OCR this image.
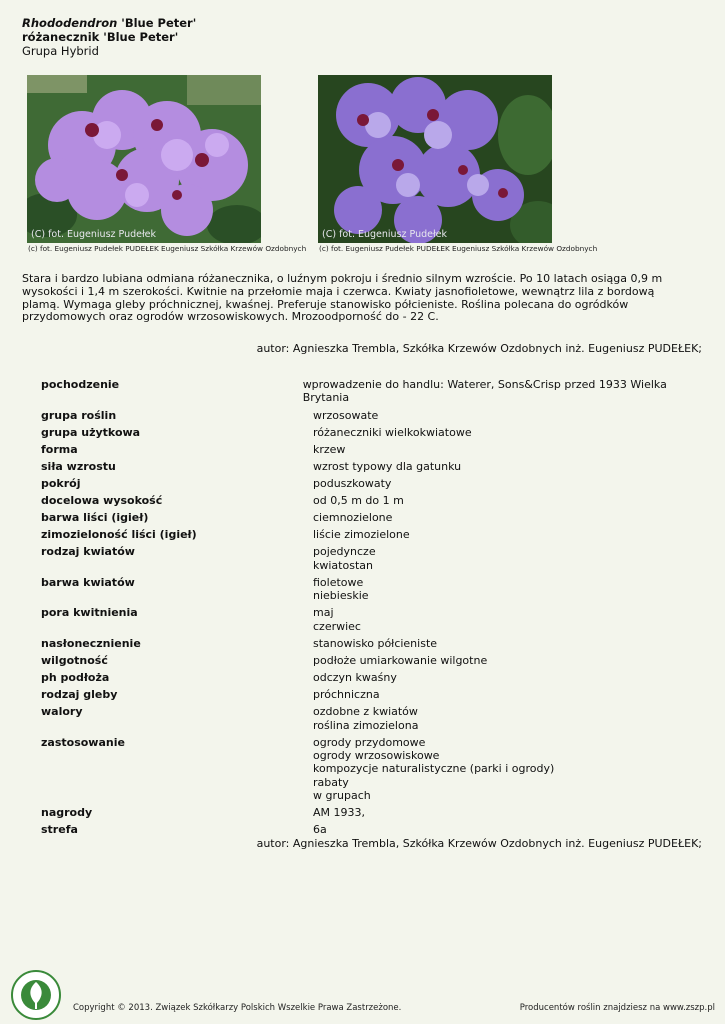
Rhododendron 'Blue Peter'
różanecznik 'Blue Peter'
Grupa Hybrid
(C) fot. Eugeniusz Pudełek	(C) fot. Eugeniusz Pudełek
(c) fot. Eugeniusz Pudełek PUDEŁEK Eugeniusz Szkółka Krzewów Ozdobnych (c) fot. Eugeniusz Pudełek PUDEŁEK Eugeniusz Szkółka Krzewów Ozdobnych
Stara i bardzo lubiana odmiana różanecznika, o luźnym pokroju i średnio silnym wzroście. Po 10 latach osiąga 0,9 m wysokości i 1,4 m szerokości. Kwitnie na przełomie maja i czerwca. Kwiaty jasnofioletowe, wewnątrz lila z bordową plamą. Wymaga gleby próchnicznej, kwaśnej. Preferuje stanowisko półcieniste. Roślina polecana do ogródków przydomowych oraz ogrodów wrzosowiskowych. Mrozoodporność do - 22 C.
autor: Agnieszka Trembla, Szkółka Krzewów Ozdobnych inż. Eugeniusz PUDEŁEK;
pochodzenie	wprowadzenie do handlu: Waterer, Sons&Crisp przed 1933 Wielka Brytania
grupa roślin	wrzosowate
grupa użytkowa	różaneczniki wielkokwiatowe
forma	krzew
siła wzrostu	wzrost typowy dla gatunku
pokrój	poduszkowaty
docelowa wysokość	od 0,5 m do 1 m
barwa liści (igieł)	ciemnozielone
zimozieloność liści (igieł)	liście zimozielone
rodzaj kwiatów	pojedyncze
kwiatostan
barwa kwiatów	fioletowe
niebieskie
pora kwitnienia	maj
czerwiec
nasłonecznienie	stanowisko półcieniste
wilgotność	podłoże umiarkowanie wilgotne
ph podłoża	odczyn kwaśny
rodzaj gleby	próchniczna
walory	ozdobne z kwiatów
roślina zimozielona
zastosowanie	ogrody przydomowe
ogrody wrzosowiskowe
kompozycje naturalistyczne (parki i ogrody)
rabaty
w grupach
nagrody	AM 1933,
strefa	6a
autor: Agnieszka Trembla, Szkółka Krzewów Ozdobnych inż. Eugeniusz PUDEŁEK;
Copyright © 2013. Związek Szkółkarzy Polskich Wszelkie Prawa Zastrzeżone.	Producentów roślin znajdziesz na www.zszp.pl
